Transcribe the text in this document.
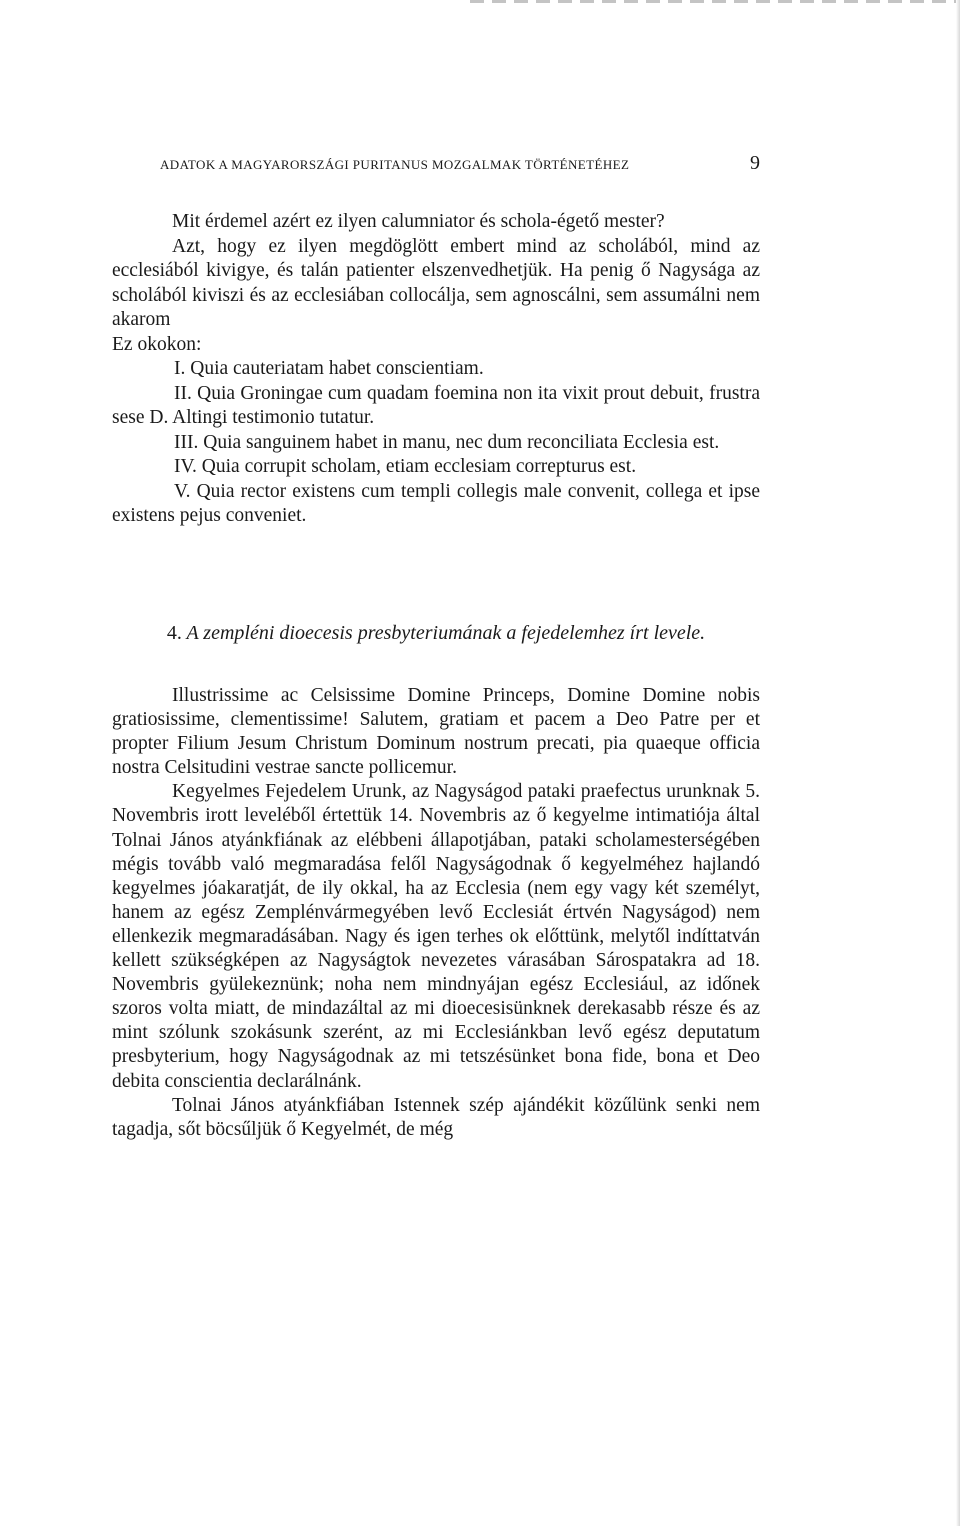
ADATOK A MAGYARORSZÁGI PURITANUS MOZGALMAK TÖRTÉNETÉHEZ	9

Mit érdemel azért ez ilyen calumniator és schola-égető mester?

Azt, hogy ez ilyen megdöglött embert mind az scholából, mind az ecclesiából kivigye, és talán patienter elszenvedhetjük. Ha penig ő Nagysága az scholából kiviszi és az ecclesiában collocálja, sem agnoscálni, sem assumálni nem akarom

Ez okokon:

I. Quia cauteriatam habet conscientiam.

II. Quia Groningae cum quadam foemina non ita vixit prout debuit, frustra sese D. Altingi testimonio tutatur.

III. Quia sanguinem habet in manu, nec dum reconciliata Ecclesia est.

IV. Quia corrupit scholam, etiam ecclesiam correpturus est.

V. Quia rector existens cum templi collegis male convenit, collega et ipse existens pejus conveniet.

4. A zempléni dioecesis presbyteriumának a fejedelemhez írt levele.

Illustrissime ac Celsissime Domine Princeps, Domine Domine nobis gratiosissime, clementissime! Salutem, gratiam et pacem a Deo Patre per et propter Filium Jesum Christum Dominum nostrum precati, pia quaeque officia nostra Celsitudini vestrae sancte pollicemur.

Kegyelmes Fejedelem Urunk, az Nagyságod pataki praefectus urunknak 5. Novembris irott leveléből értettük 14. Novembris az ő kegyelme intimatiója által Tolnai János atyánkfiának az elébbeni állapotjában, pataki scholamesterségében mégis tovább való megmaradása felől Nagyságodnak ő kegyelméhez hajlandó kegyelmes jóakaratját, de ily okkal, ha az Ecclesia (nem egy vagy két személyt, hanem az egész Zemplénvármegyében levő Ecclesiát értvén Nagyságod) nem ellenkezik megmaradásában. Nagy és igen terhes ok előttünk, melytől indíttatván kellett szükségképen az Nagyságtok nevezetes várasában Sárospatakra ad 18. Novembris gyülekeznünk; noha nem mindnyájan egész Ecclesiául, az időnek szoros volta miatt, de mindazáltal az mi dioecesisünknek derekasabb része és az mint szólunk szokásunk szerént, az mi Ecclesiánkban levő egész deputatum presbyterium, hogy Nagyságodnak az mi tetszésünket bona fide, bona et Deo debita conscientia declarálnánk.

Tolnai János atyánkfiában Istennek szép ajándékit közűlünk senki nem tagadja, sőt böcsűljük ő Kegyelmét, de még
